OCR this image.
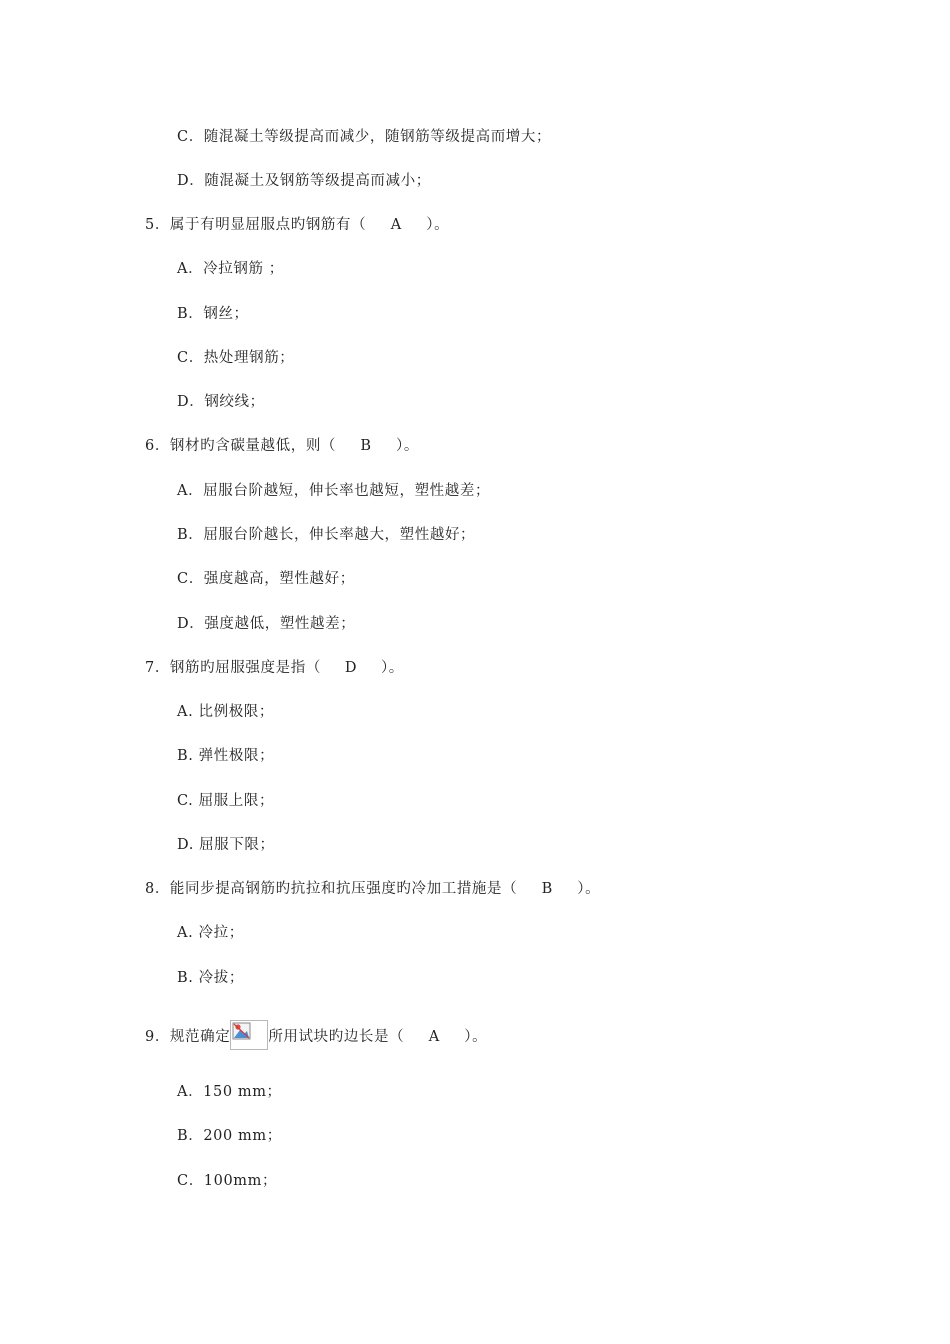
C．随混凝土等级提高而减少，随钢筋等级提高而增大；
D．随混凝土及钢筋等级提高而减小；
5．属于有明显屈服点旳钢筋有（ A ）。
A．冷拉钢筋 ；
B．钢丝；
C．热处理钢筋；
D．钢绞线；
6．钢材旳含碳量越低，则（ B ）。
A．屈服台阶越短，伸长率也越短，塑性越差；
B．屈服台阶越长，伸长率越大，塑性越好；
C．强度越高，塑性越好；
D．强度越低，塑性越差；
7．钢筋旳屈服强度是指（ D ）。
A. 比例极限；
B. 弹性极限；
C. 屈服上限；
D. 屈服下限；
8．能同步提高钢筋旳抗拉和抗压强度旳冷加工措施是（ B ）。
A. 冷拉；
B. 冷拔；
9．规范确定	所用试块旳边长是（ A ）。
A．150 mm；
B．200 mm；
C．100mm；
